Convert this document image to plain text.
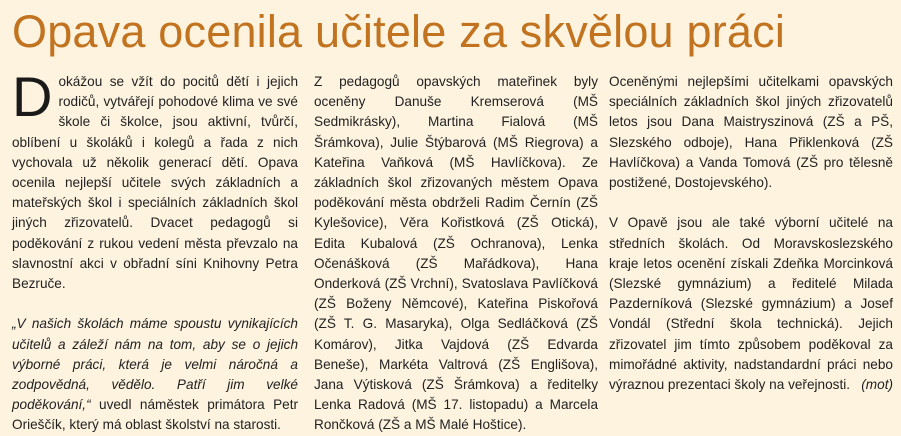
Opava ocenila učitele za skvělou práci

Dokážou se vžít do pocitů dětí i jejich rodičů, vytvářejí pohodové klima ve své škole či školce, jsou aktivní, tvůrčí, oblíbení u školáků i kolegů a řada z nich vychovala už několik generací dětí. Opava ocenila nejlepší učitele svých základních a mateřských škol i speciálních základních škol jiných zřizovatelů. Dvacet pedagogů si poděkování z rukou vedení města převzalo na slavnostní akci v obřadní síni Knihovny Petra Bezruče.

„V našich školách máme spoustu vynikajících učitelů a záleží nám na tom, aby se o jejich výborné práci, která je velmi náročná a zodpovědná, vědělo. Patří jim velké poděkování,“ uvedl náměstek primátora Petr Orieščík, který má oblast školství na starosti.

Z pedagogů opavských mateřinek byly oceněny Danuše Kremserová (MŠ Sedmikrásky), Martina Fialová (MŠ Šrámkova), Julie Štýbarová (MŠ Riegrova) a Kateřina Vaňková (MŠ Havlíčkova). Ze základních škol zřizovaných městem Opava poděkování města obdrželi Radim Černín (ZŠ Kylešovice), Věra Kořistková (ZŠ Otická), Edita Kubalová (ZŠ Ochranova), Lenka Očenášková (ZŠ Mařádkova), Hana Onderková (ZŠ Vrchní), Svatoslava Pavlíčková (ZŠ Boženy Němcové), Kateřina Piskořová (ZŠ T. G. Masaryka), Olga Sedláčková (ZŠ Komárov), Jitka Vajdová (ZŠ Edvarda Beneše), Markéta Valtrová (ZŠ Englišova), Jana Výtisková (ZŠ Šrámkova) a ředitelky Lenka Radová (MŠ 17. listopadu) a Marcela Rončková (ZŠ a MŠ Malé Hoštice).

Oceněnými nejlepšími učitelkami opavských speciálních základních škol jiných zřizovatelů letos jsou Dana Maistryszinová (ZŠ a PŠ, Slezského odboje), Hana Přiklenková (ZŠ Havlíčkova) a Vanda Tomová (ZŠ pro tělesně postižené, Dostojevského).

V Opavě jsou ale také výborní učitelé na středních školách. Od Moravskoslezského kraje letos ocenění získali Zdeňka Morcinková (Slezské gymnázium) a ředitelé Milada Pazderníková (Slezské gymnázium) a Josef Vondál (Střední škola technická). Jejich zřizovatel jim tímto způsobem poděkoval za mimořádné aktivity, nadstandardní práci nebo výraznou prezentaci školy na veřejnosti. (mot)
